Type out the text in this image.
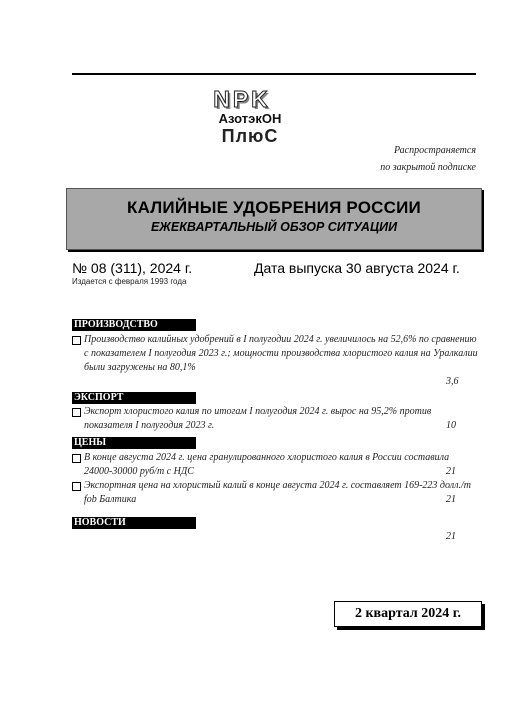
NPK
АзотэкОН
ПлюС
Распространяется
по закрытой подписке
КАЛИЙНЫЕ УДОБРЕНИЯ РОССИИ
ЕЖЕКВАРТАЛЬНЫЙ ОБЗОР СИТУАЦИИ
№ 08 (311), 2024 г.	Дата выпуска 30 августа 2024 г.
Издается с февраля 1993 года
ПРОИЗВОДСТВО
Производство калийных удобрений в I полугодии 2024 г. увеличилось на 52,6% по сравнению с показателем I полугодия 2023 г.; мощности производства хлористого калия на Уралкалии были загружены на 80,1%
3,6
ЭКСПОРТ
Экспорт хлористого калия по итогам I полугодия 2024 г. вырос на 95,2% против показателя I полугодия 2023 г.	10
ЦЕНЫ
В конце августа 2024 г. цена гранулированного хлористого калия в России составила 24000-30000 руб/т с НДС	21
Экспортная цена на хлористый калий в конце августа 2024 г. составляет 169-223 долл./т fob Балтика	21
НОВОСТИ
21
2 квартал 2024 г.
